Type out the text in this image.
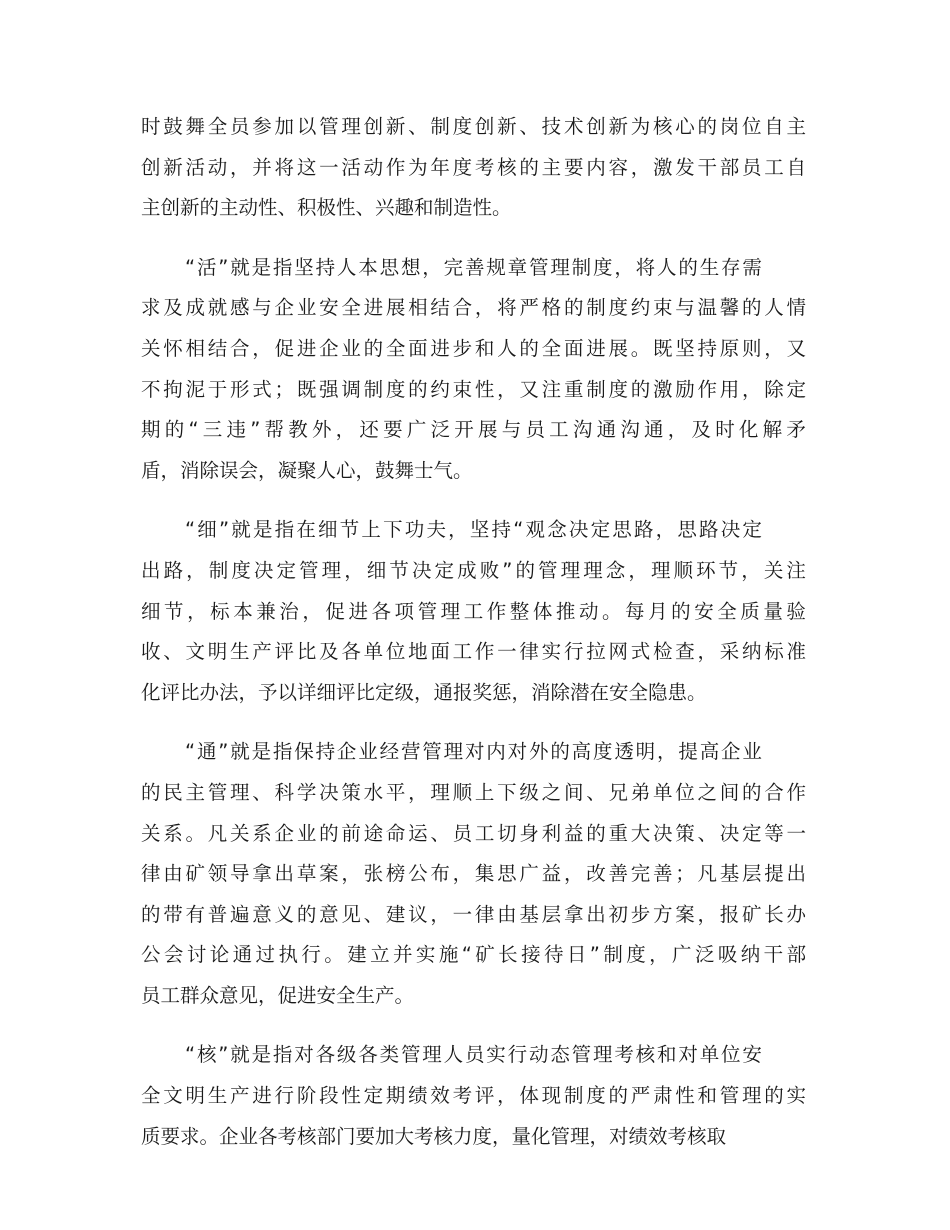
时鼓舞全员参加以管理创新、制度创新、技术创新为核心的岗位自主
创新活动，并将这一活动作为年度考核的主要内容，激发干部员工自
主创新的主动性、积极性、兴趣和制造性。

“活”就是指坚持人本思想，完善规章管理制度，将人的生存需
求及成就感与企业安全进展相结合，将严格的制度约束与温馨的人情
关怀相结合，促进企业的全面进步和人的全面进展。既坚持原则，又
不拘泥于形式；既强调制度的约束性，又注重制度的激励作用，除定
期的“三违”帮教外，还要广泛开展与员工沟通沟通，及时化解矛
盾，消除误会，凝聚人心，鼓舞士气。

“细”就是指在细节上下功夫，坚持“观念决定思路，思路决定
出路，制度决定管理，细节决定成败”的管理理念，理顺环节，关注
细节，标本兼治，促进各项管理工作整体推动。每月的安全质量验
收、文明生产评比及各单位地面工作一律实行拉网式检查，采纳标准
化评比办法，予以详细评比定级，通报奖惩，消除潜在安全隐患。

“通”就是指保持企业经营管理对内对外的高度透明，提高企业
的民主管理、科学决策水平，理顺上下级之间、兄弟单位之间的合作
关系。凡关系企业的前途命运、员工切身利益的重大决策、决定等一
律由矿领导拿出草案，张榜公布，集思广益，改善完善；凡基层提出
的带有普遍意义的意见、建议，一律由基层拿出初步方案，报矿长办
公会讨论通过执行。建立并实施“矿长接待日”制度，广泛吸纳干部
员工群众意见，促进安全生产。

“核”就是指对各级各类管理人员实行动态管理考核和对单位安
全文明生产进行阶段性定期绩效考评，体现制度的严肃性和管理的实
质要求。企业各考核部门要加大考核力度，量化管理，对绩效考核取
